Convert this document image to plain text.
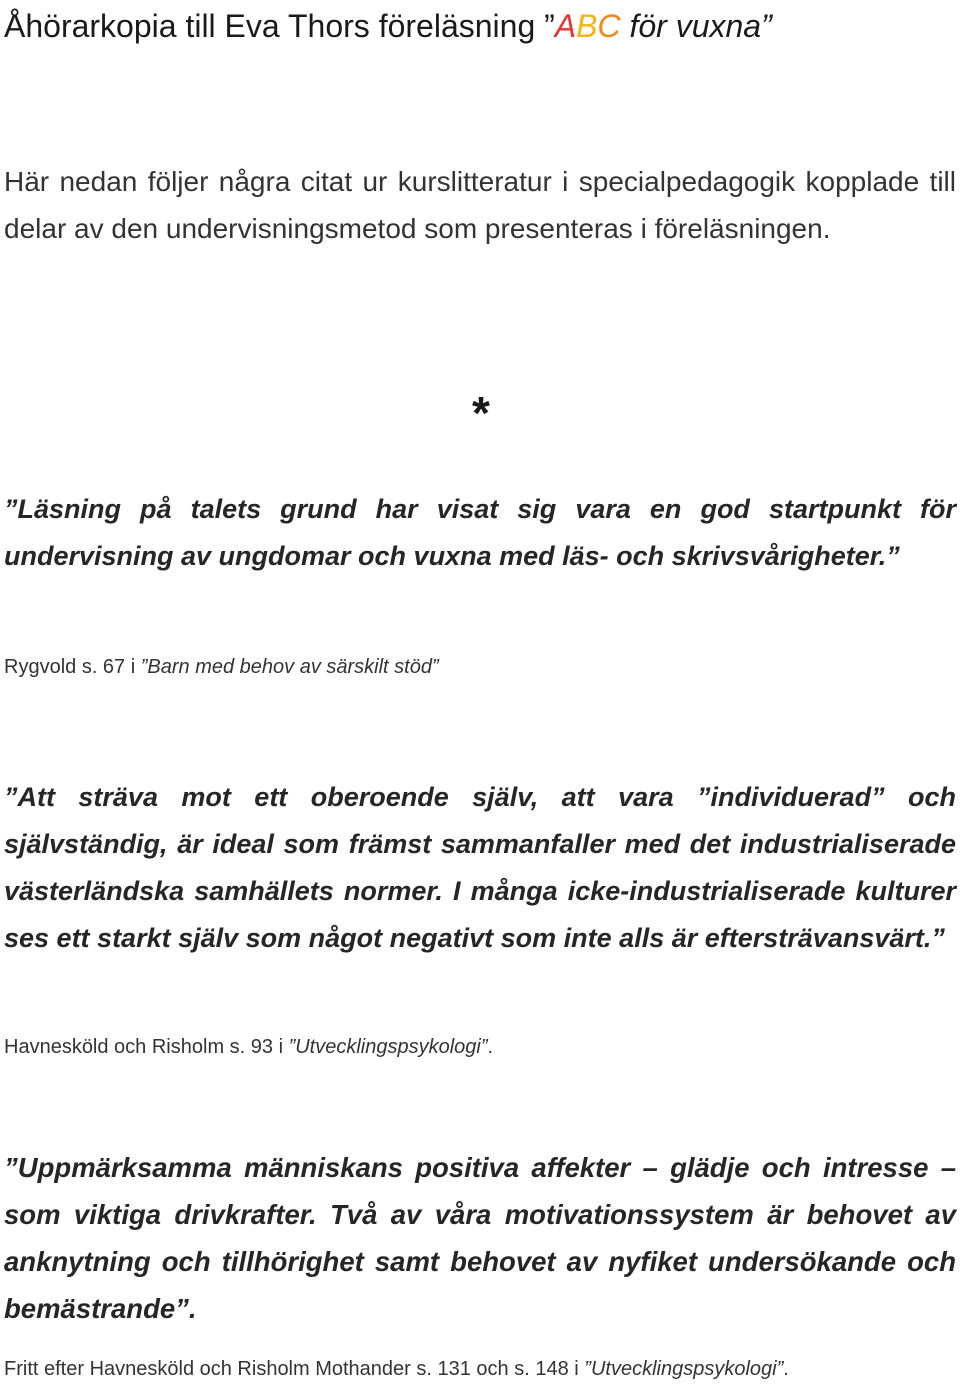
Åhörarkopia till Eva Thors föreläsning ”ABC för vuxna”
Här nedan följer några citat ur kurslitteratur i specialpedagogik kopplade till delar av den undervisningsmetod som presenteras i föreläsningen.
*
”Läsning på talets grund har visat sig vara en god startpunkt för undervisning av ungdomar och vuxna med läs- och skrivsvårigheter.”
Rygvold s. 67 i ”Barn med behov av särskilt stöd”
”Att sträva mot ett oberoende själv, att vara ”individuerad” och självständig, är ideal som främst sammanfaller med det industrialiserade västerländska samhällets normer. I många icke-industrialiserade kulturer ses ett starkt själv som något negativt som inte alls är eftersträvansvärt.”
Havnesköld och Risholm s. 93 i ”Utvecklingspsykologi”.
”Uppmärksamma människans positiva affekter – glädje och intresse – som viktiga drivkrafter. Två av våra motivationssystem är behovet av anknytning och tillhörighet samt behovet av nyfiket undersökande och bemästrande”.
Fritt efter Havnesköld och Risholm Mothander s. 131 och s. 148 i ”Utvecklingspsykologi”.
